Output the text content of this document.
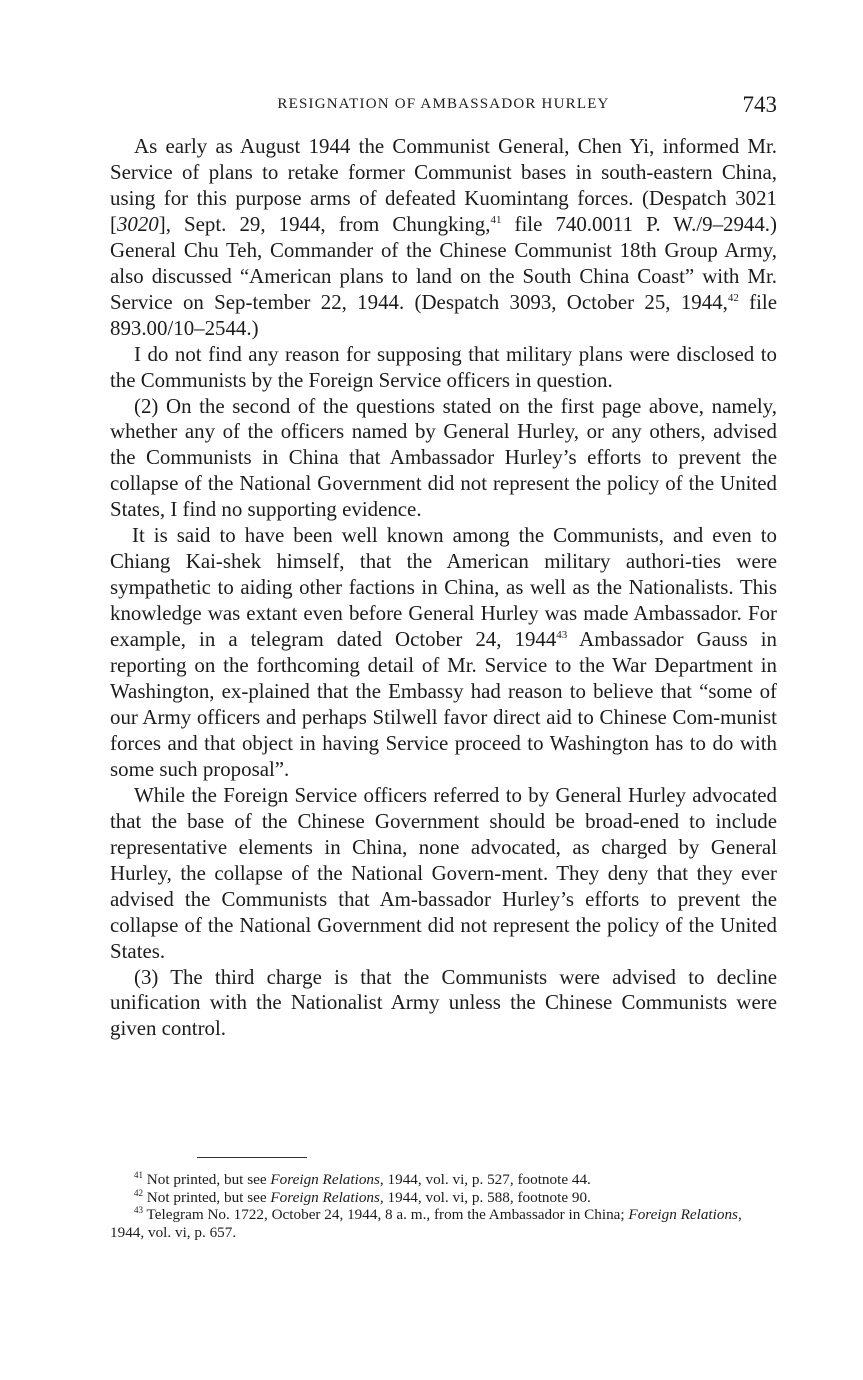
RESIGNATION OF AMBASSADOR HURLEY	743

As early as August 1944 the Communist General, Chen Yi, informed Mr. Service of plans to retake former Communist bases in south-eastern China, using for this purpose arms of defeated Kuomintang forces. (Despatch 3021 [3020], Sept. 29, 1944, from Chungking,$^{41}$ file 740.0011 P. W./9–2944.) General Chu Teh, Commander of the Chinese Communist 18th Group Army, also discussed “American plans to land on the South China Coast” with Mr. Service on Sep-tember 22, 1944. (Despatch 3093, October 25, 1944,42 file 893.00/10–2544.)

I do not find any reason for supposing that military plans were disclosed to the Communists by the Foreign Service officers in question.

(2) On the second of the questions stated on the first page above, namely, whether any of the officers named by General Hurley, or any others, advised the Communists in China that Ambassador Hurley’s efforts to prevent the collapse of the National Government did not represent the policy of the United States, I find no supporting evidence.

It is said to have been well known among the Communists, and even to Chiang Kai-shek himself, that the American military authori-ties were sympathetic to aiding other factions in China, as well as the Nationalists. This knowledge was extant even before General Hurley was made Ambassador. For example, in a telegram dated October 24, 1944$^{43}$ Ambassador Gauss in reporting on the forthcoming detail of Mr. Service to the War Department in Washington, ex-plained that the Embassy had reason to believe that “some of our Army officers and perhaps Stilwell favor direct aid to Chinese Com-munist forces and that object in having Service proceed to Washington has to do with some such proposal”.

While the Foreign Service officers referred to by General Hurley advocated that the base of the Chinese Government should be broad-ened to include representative elements in China, none advocated, as charged by General Hurley, the collapse of the National Govern-ment. They deny that they ever advised the Communists that Am-bassador Hurley’s efforts to prevent the collapse of the National Government did not represent the policy of the United States.

(3) The third charge is that the Communists were advised to decline unification with the Nationalist Army unless the Chinese Communists were given control.

$^{41}$ Not printed, but see Foreign Relations, 1944, vol. vi, p. 527, footnote 44.

$^{42}$ Not printed, but see Foreign Relations, 1944, vol. vi, p. 588, footnote 90.

$^{43}$ Telegram No. 1722, October 24, 1944, 8 a. m., from the Ambassador in China; Foreign Relations, 1944, vol. vi, p. 657.
